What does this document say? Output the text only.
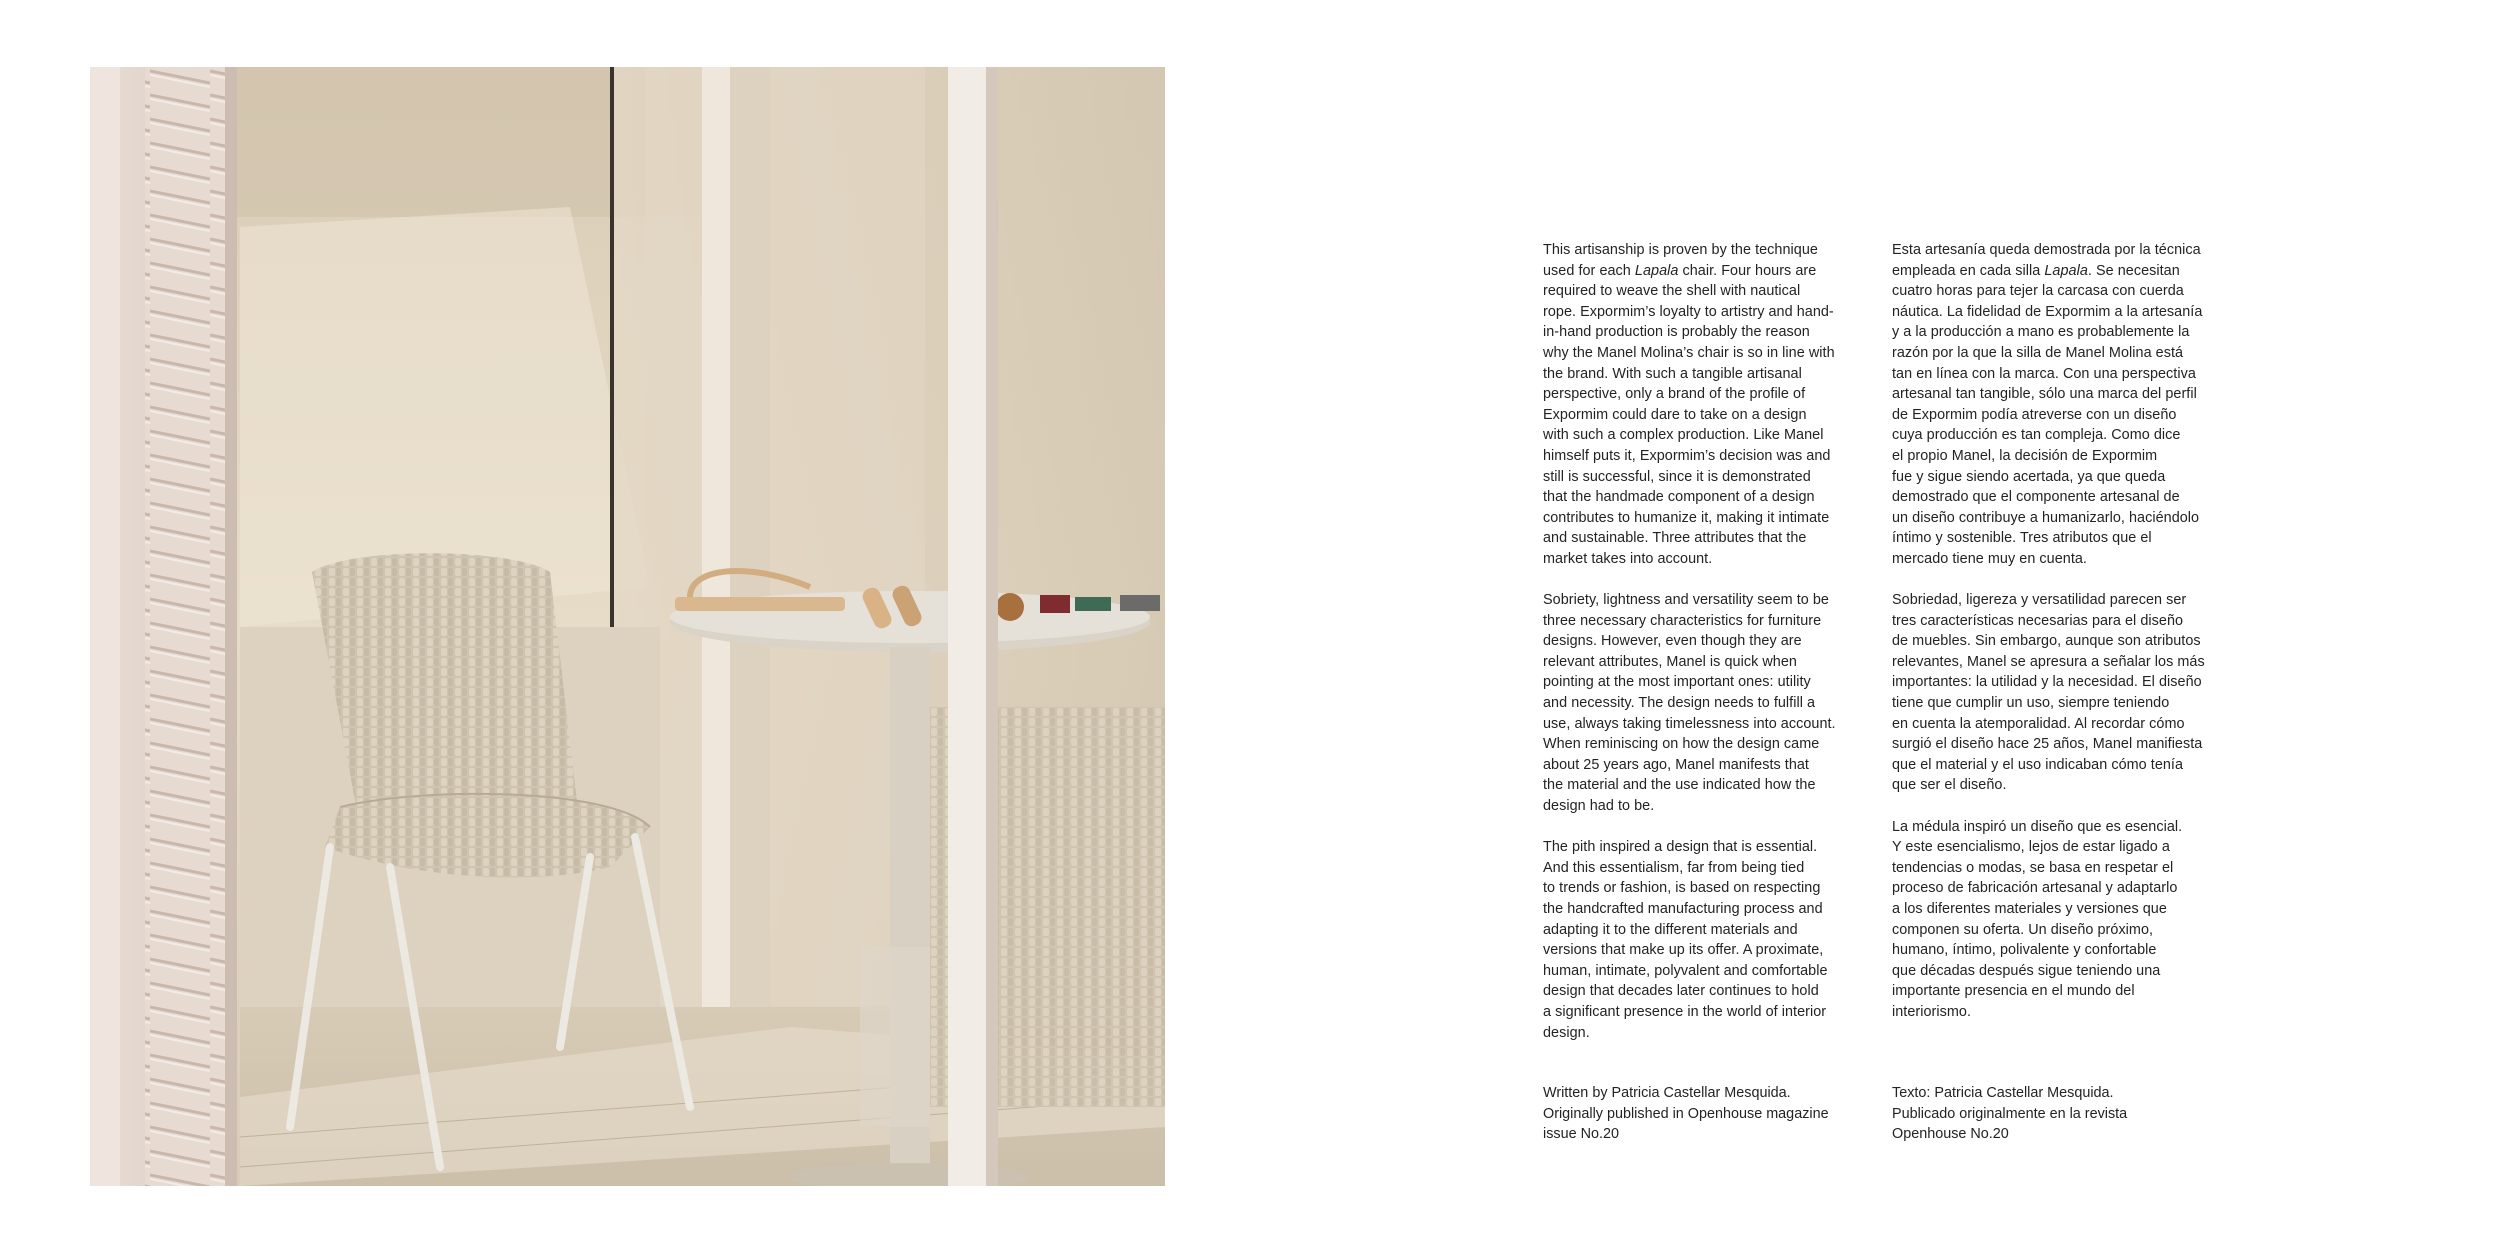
This artisanship is proven by the technique
used for each Lapala chair. Four hours are
required to weave the shell with nautical
rope. Expormim’s loyalty to artistry and hand-
in-hand production is probably the reason
why the Manel Molina’s chair is so in line with
the brand. With such a tangible artisanal
perspective, only a brand of the profile of
Expormim could dare to take on a design
with such a complex production. Like Manel
himself puts it, Expormim’s decision was and
still is successful, since it is demonstrated
that the handmade component of a design
contributes to humanize it, making it intimate
and sustainable. Three attributes that the
market takes into account.

Sobriety, lightness and versatility seem to be
three necessary characteristics for furniture
designs. However, even though they are
relevant attributes, Manel is quick when
pointing at the most important ones: utility
and necessity. The design needs to fulfill a
use, always taking timelessness into account.
When reminiscing on how the design came
about 25 years ago, Manel manifests that
the material and the use indicated how the
design had to be.

The pith inspired a design that is essential.
And this essentialism, far from being tied
to trends or fashion, is based on respecting
the handcrafted manufacturing process and
adapting it to the different materials and
versions that make up its offer. A proximate,
human, intimate, polyvalent and comfortable
design that decades later continues to hold
a significant presence in the world of interior
design.

Written by Patricia Castellar Mesquida.
Originally published in Openhouse magazine
issue No.20

Esta artesanía queda demostrada por la técnica
empleada en cada silla Lapala. Se necesitan
cuatro horas para tejer la carcasa con cuerda
náutica. La fidelidad de Expormim a la artesanía
y a la producción a mano es probablemente la
razón por la que la silla de Manel Molina está
tan en línea con la marca. Con una perspectiva
artesanal tan tangible, sólo una marca del perfil
de Expormim podía atreverse con un diseño
cuya producción es tan compleja. Como dice
el propio Manel, la decisión de Expormim
fue y sigue siendo acertada, ya que queda
demostrado que el componente artesanal de
un diseño contribuye a humanizarlo, haciéndolo
íntimo y sostenible. Tres atributos que el
mercado tiene muy en cuenta.

Sobriedad, ligereza y versatilidad parecen ser
tres características necesarias para el diseño
de muebles. Sin embargo, aunque son atributos
relevantes, Manel se apresura a señalar los más
importantes: la utilidad y la necesidad. El diseño
tiene que cumplir un uso, siempre teniendo
en cuenta la atemporalidad. Al recordar cómo
surgió el diseño hace 25 años, Manel manifiesta
que el material y el uso indicaban cómo tenía
que ser el diseño.

La médula inspiró un diseño que es esencial.
Y este esencialismo, lejos de estar ligado a
tendencias o modas, se basa en respetar el
proceso de fabricación artesanal y adaptarlo
a los diferentes materiales y versiones que
componen su oferta. Un diseño próximo,
humano, íntimo, polivalente y confortable
que décadas después sigue teniendo una
importante presencia en el mundo del
interiorismo.

Texto: Patricia Castellar Mesquida.
Publicado originalmente en la revista
Openhouse No.20
